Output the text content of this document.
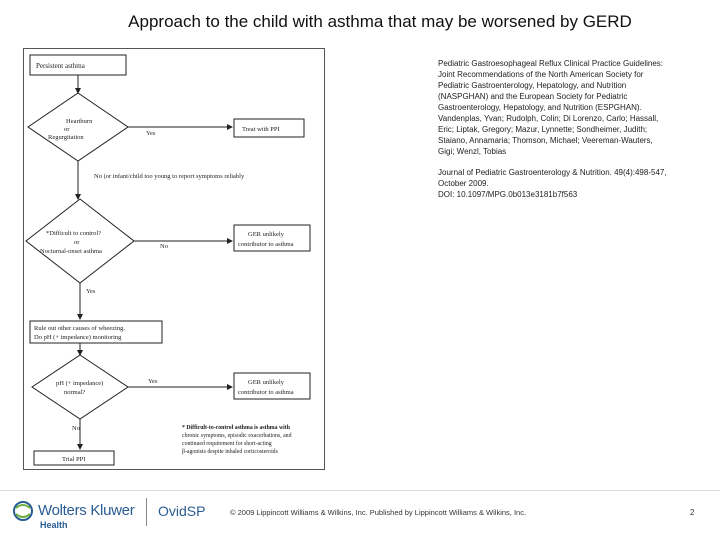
Approach to the child with asthma that may be worsened by GERD
Persistent asthma
Heartburn
or
Regurgitation
Yes
Treat with PPI
No (or infant/child too young to report symptoms reliably
*Difficult to control?
or
Nocturnal-onset asthma
No
GER unlikely
contributor to asthma
Yes
Rule out other causes of wheezing.
Do pH (+ impedance) monitoring
pH (+ impedance)
normal?
Yes	GER unlikely
contributor to asthma
No	* Difficult-to-control asthma is asthma with
chronic symptoms, episodic exacerbations, and
continued requirement for short-acting
β-agonists despite inhaled corticosteroids
Trial PPI

Pediatric Gastroesophageal Reflux Clinical Practice Guidelines: Joint Recommendations of the North American Society for Pediatric Gastroenterology, Hepatology, and Nutrition (NASPGHAN) and the European Society for Pediatric Gastroenterology, Hepatology, and Nutrition (ESPGHAN).
Vandenplas, Yvan; Rudolph, Colin; Di Lorenzo, Carlo; Hassall, Eric; Liptak, Gregory; Mazur, Lynnette; Sondheimer, Judith; Staiano, Annamaria; Thomson, Michael; Veereman-Wauters, Gigi; Wenzl, Tobias

Journal of Pediatric Gastroenterology & Nutrition. 49(4):498-547, October 2009.
DOI: 10.1097/MPG.0b013e3181b7f563

Wolters Kluwer
Health
OvidSP	© 2009 Lippincott Williams & Wilkins, Inc. Published by Lippincott Williams & Wilkins, Inc.	2
